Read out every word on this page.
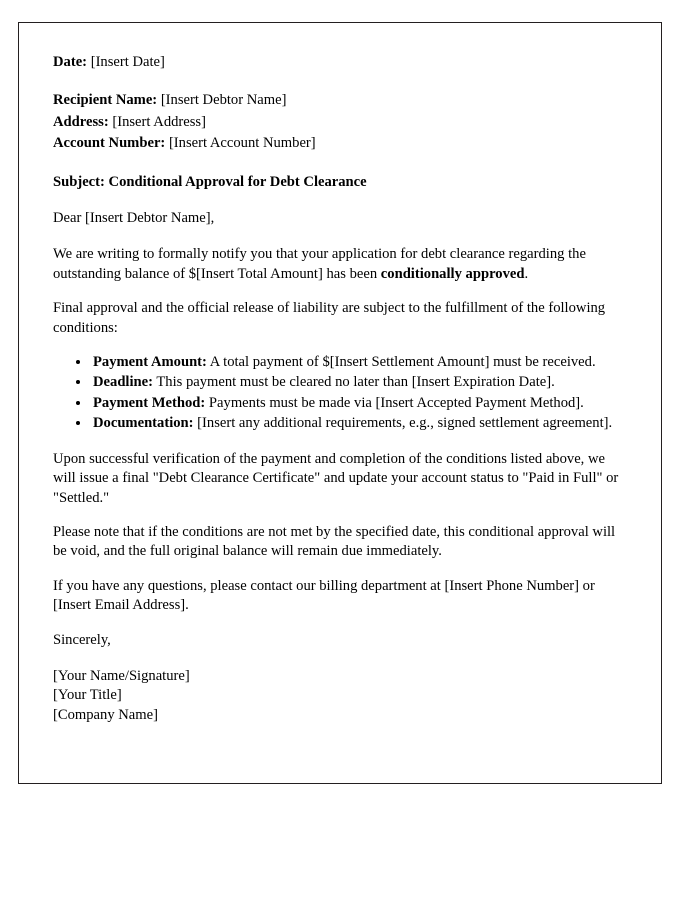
Date: [Insert Date]

Recipient Name: [Insert Debtor Name]

Address: [Insert Address]

Account Number: [Insert Account Number]

Subject: Conditional Approval for Debt Clearance

Dear [Insert Debtor Name],

We are writing to formally notify you that your application for debt clearance regarding the outstanding balance of $[Insert Total Amount] has been conditionally approved.

Final approval and the official release of liability are subject to the fulfillment of the following conditions:

• Payment Amount: A total payment of $[Insert Settlement Amount] must be received.
• Deadline: This payment must be cleared no later than [Insert Expiration Date].
• Payment Method: Payments must be made via [Insert Accepted Payment Method].
• Documentation: [Insert any additional requirements, e.g., signed settlement agreement].

Upon successful verification of the payment and completion of the conditions listed above, we will issue a final "Debt Clearance Certificate" and update your account status to "Paid in Full" or "Settled."

Please note that if the conditions are not met by the specified date, this conditional approval will be void, and the full original balance will remain due immediately.

If you have any questions, please contact our billing department at [Insert Phone Number] or [Insert Email Address].

Sincerely,

[Your Name/Signature]
[Your Title]
[Company Name]
